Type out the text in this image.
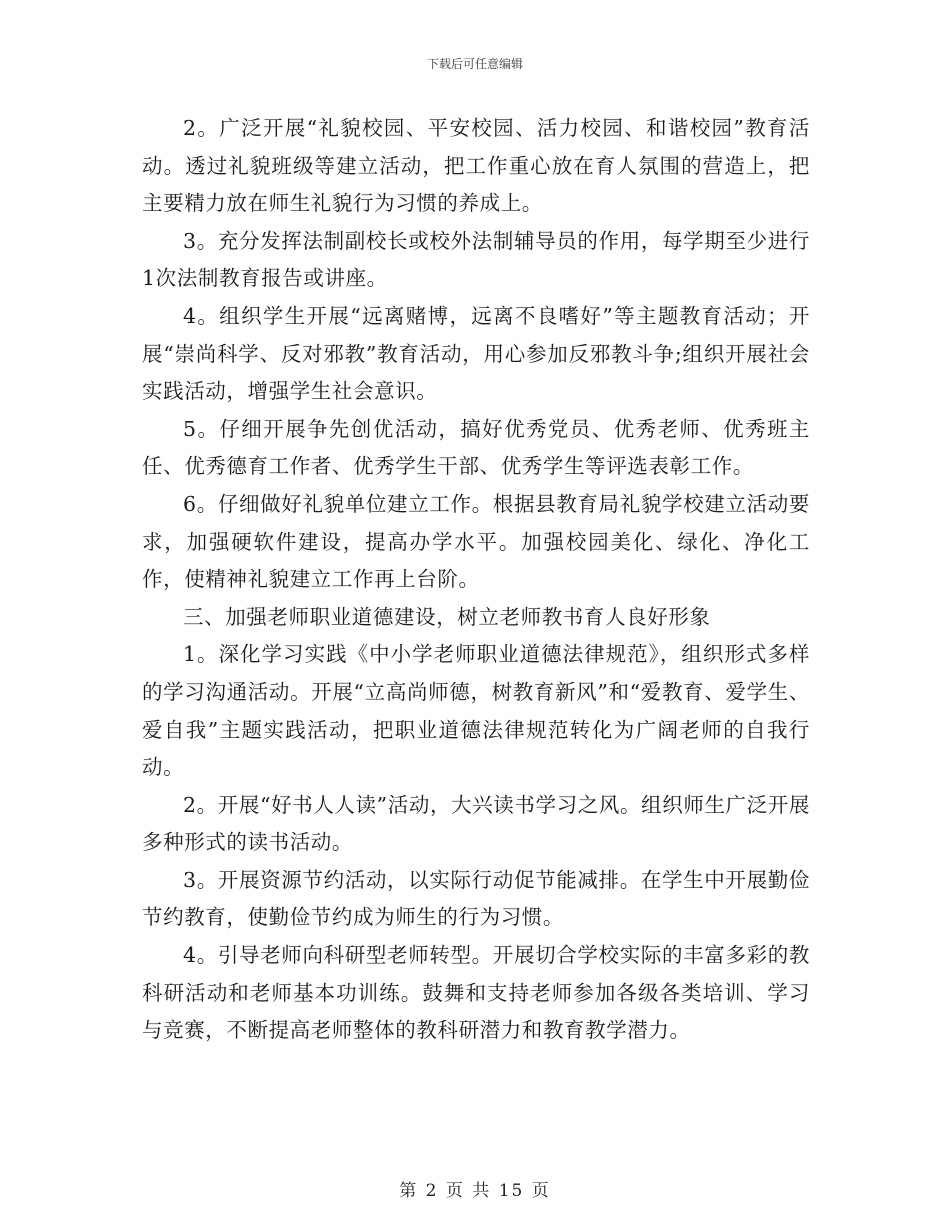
下载后可任意编辑

2。广泛开展“礼貌校园、平安校园、活力校园、和谐校园”教育活动。透过礼貌班级等建立活动，把工作重心放在育人氛围的营造上，把主要精力放在师生礼貌行为习惯的养成上。

3。充分发挥法制副校长或校外法制辅导员的作用，每学期至少进行1次法制教育报告或讲座。

4。组织学生开展“远离赌博，远离不良嗜好”等主题教育活动；开展“崇尚科学、反对邪教”教育活动，用心参加反邪教斗争;组织开展社会实践活动，增强学生社会意识。

5。仔细开展争先创优活动，搞好优秀党员、优秀老师、优秀班主任、优秀德育工作者、优秀学生干部、优秀学生等评选表彰工作。

6。仔细做好礼貌单位建立工作。根据县教育局礼貌学校建立活动要求，加强硬软件建设，提高办学水平。加强校园美化、绿化、净化工作，使精神礼貌建立工作再上台阶。

三、加强老师职业道德建设，树立老师教书育人良好形象

1。深化学习实践《中小学老师职业道德法律规范》，组织形式多样的学习沟通活动。开展“立高尚师德，树教育新风”和“爱教育、爱学生、爱自我”主题实践活动，把职业道德法律规范转化为广阔老师的自我行动。

2。开展“好书人人读”活动，大兴读书学习之风。组织师生广泛开展多种形式的读书活动。

3。开展资源节约活动，以实际行动促节能减排。在学生中开展勤俭节约教育，使勤俭节约成为师生的行为习惯。

4。引导老师向科研型老师转型。开展切合学校实际的丰富多彩的教科研活动和老师基本功训练。鼓舞和支持老师参加各级各类培训、学习与竞赛，不断提高老师整体的教科研潜力和教育教学潜力。

第 2 页 共 15 页
